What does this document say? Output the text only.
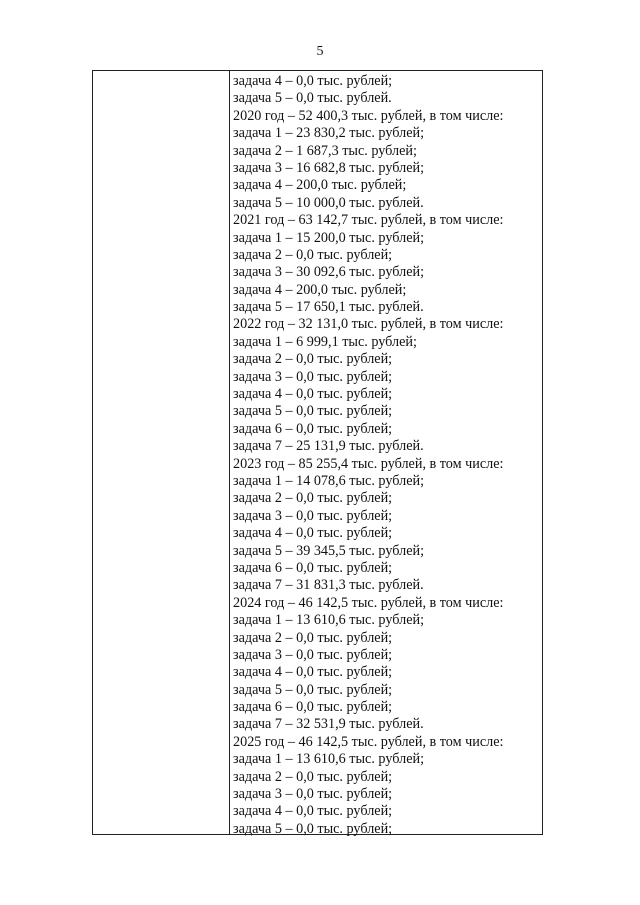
5
задача 4 – 0,0 тыс. рублей;
задача 5 – 0,0 тыс. рублей.
2020 год – 52 400,3 тыс. рублей, в том числе:
задача 1 – 23 830,2 тыс. рублей;
задача 2 – 1 687,3 тыс. рублей;
задача 3 – 16 682,8 тыс. рублей;
задача 4 – 200,0 тыс. рублей;
задача 5 – 10 000,0 тыс. рублей.
2021 год – 63 142,7 тыс. рублей, в том числе:
задача 1 – 15 200,0 тыс. рублей;
задача 2 – 0,0 тыс. рублей;
задача 3 – 30 092,6 тыс. рублей;
задача 4 – 200,0 тыс. рублей;
задача 5 – 17 650,1 тыс. рублей.
2022 год – 32 131,0 тыс. рублей, в том числе:
задача 1 – 6 999,1 тыс. рублей;
задача 2 – 0,0 тыс. рублей;
задача 3 – 0,0 тыс. рублей;
задача 4 – 0,0 тыс. рублей;
задача 5 – 0,0 тыс. рублей;
задача 6 – 0,0 тыс. рублей;
задача 7 – 25 131,9 тыс. рублей.
2023 год – 85 255,4 тыс. рублей, в том числе:
задача 1 – 14 078,6 тыс. рублей;
задача 2 – 0,0 тыс. рублей;
задача 3 – 0,0 тыс. рублей;
задача 4 – 0,0 тыс. рублей;
задача 5 – 39 345,5 тыс. рублей;
задача 6 – 0,0 тыс. рублей;
задача 7 – 31 831,3 тыс. рублей.
2024 год – 46 142,5 тыс. рублей, в том числе:
задача 1 – 13 610,6 тыс. рублей;
задача 2 – 0,0 тыс. рублей;
задача 3 – 0,0 тыс. рублей;
задача 4 – 0,0 тыс. рублей;
задача 5 – 0,0 тыс. рублей;
задача 6 – 0,0 тыс. рублей;
задача 7 – 32 531,9 тыс. рублей.
2025 год – 46 142,5 тыс. рублей, в том числе:
задача 1 – 13 610,6 тыс. рублей;
задача 2 – 0,0 тыс. рублей;
задача 3 – 0,0 тыс. рублей;
задача 4 – 0,0 тыс. рублей;
задача 5 – 0,0 тыс. рублей;
